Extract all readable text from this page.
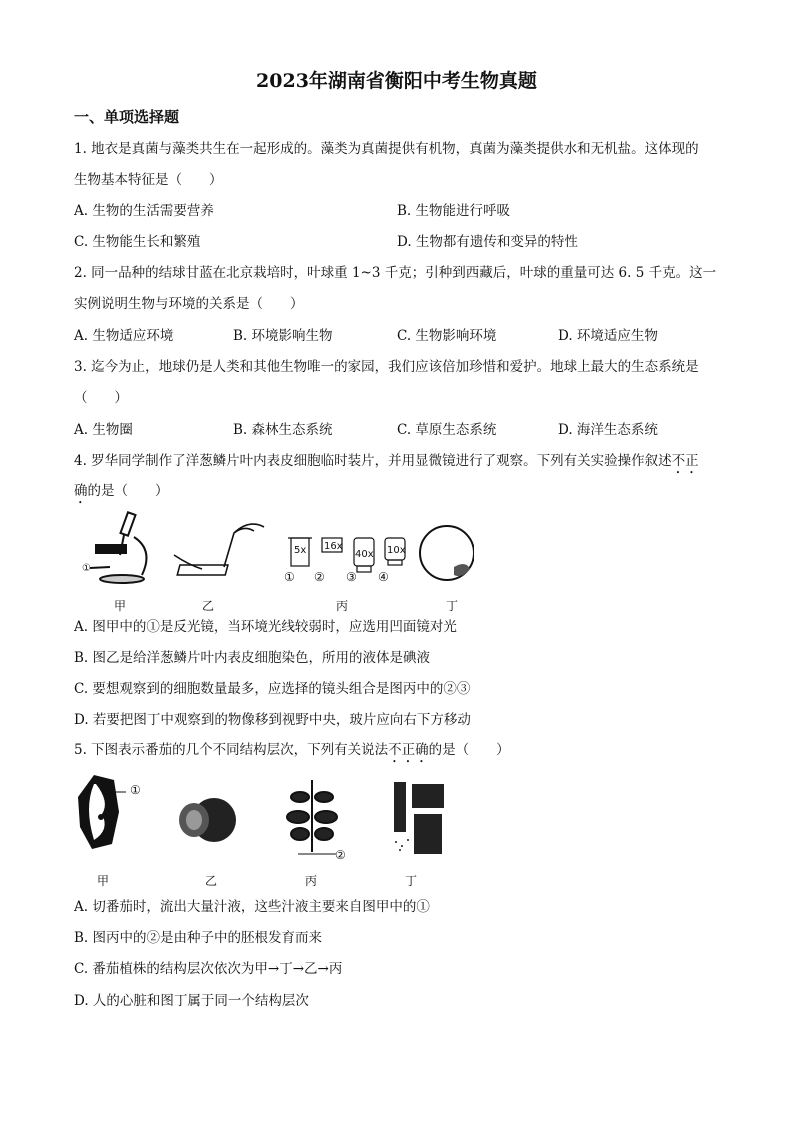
2023年湖南省衡阳中考生物真题
一、单项选择题
1. 地衣是真菌与藻类共生在一起形成的。藻类为真菌提供有机物，真菌为藻类提供水和无机盐。这体现的
生物基本特征是（　　）
A. 生物的生活需要营养	B. 生物能进行呼吸
C. 生物能生长和繁殖	D. 生物都有遗传和变异的特性
2. 同一品种的结球甘蓝在北京栽培时，叶球重 1~3 千克；引种到西藏后，叶球的重量可达 6. 5 千克。这一
实例说明生物与环境的关系是（　　）
A. 生物适应环境	B. 环境影响生物	C. 生物影响环境	D. 环境适应生物
3. 迄今为止，地球仍是人类和其他生物唯一的家园，我们应该倍加珍惜和爱护。地球上最大的生态系统是
（　　）
A. 生物圈	B. 森林生态系统	C. 草原生态系统	D. 海洋生态系统
4. 罗华同学制作了洋葱鳞片叶内表皮细胞临时装片，并用显微镜进行了观察。下列有关实验操作叙述不正
确的是（　　）
①
5x 16x
40x 10x
① ② ③ ④
甲	乙	丙	丁
A. 图甲中的①是反光镜，当环境光线较弱时，应选用凹面镜对光
B. 图乙是给洋葱鳞片叶内表皮细胞染色，所用的液体是碘液
C. 要想观察到的细胞数量最多，应选择的镜头组合是图丙中的②③
D. 若要把图丁中观察到的物像移到视野中央，玻片应向右下方移动
5. 下图表示番茄的几个不同结构层次，下列有关说法不正确的是（　　）
①
②
甲	乙	丙	丁
A. 切番茄时，流出大量汁液，这些汁液主要来自图甲中的①
B. 图丙中的②是由种子中的胚根发育而来
C. 番茄植株的结构层次依次为甲→丁→乙→丙
D. 人的心脏和图丁属于同一个结构层次
